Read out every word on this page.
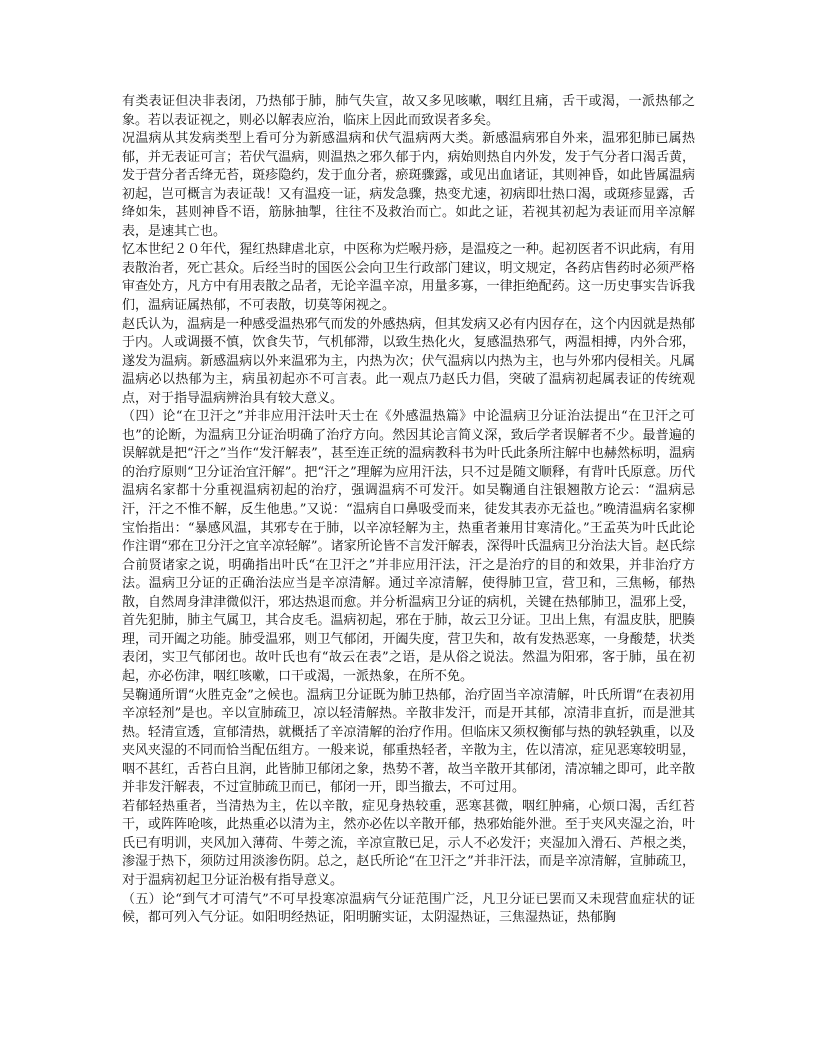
有类表证但决非表闭，乃热郁于肺，肺气失宣，故又多见咳嗽，咽红且痛，舌干或渴，一派热郁之象。若以表证视之，则必以解表应治，临床上因此而致误者多矣。

况温病从其发病类型上看可分为新感温病和伏气温病两大类。新感温病邪自外来，温邪犯肺已属热郁，并无表证可言；若伏气温病，则温热之邪久郁于内，病始则热自内外发，发于气分者口渴舌黄，发于营分者舌绛无苔，斑疹隐约，发于血分者，瘀斑骤露，或见出血诸证，其则神昏，如此皆属温病初起，岂可概言为表证哉！又有温疫一证，病发急骤，热变尤速，初病即壮热口渴，或斑疹显露，舌绛如朱，甚则神昏不语，筋脉抽掣，往往不及救治而亡。如此之证，若视其初起为表证而用辛凉解表，是速其亡也。

忆本世纪２０年代，猩红热肆虐北京，中医称为烂喉丹痧，是温疫之一种。起初医者不识此病，有用表散治者，死亡甚众。后经当时的国医公会向卫生行政部门建议，明文规定，各药店售药时必须严格审查处方，凡方中有用表散之品者，无论辛温辛凉，用量多寡，一律拒绝配药。这一历史事实告诉我们，温病证属热郁，不可表散，切莫等闲视之。

赵氏认为，温病是一种感受温热邪气而发的外感热病，但其发病又必有内因存在，这个内因就是热郁于内。人或调摄不慎，饮食失节，气机郁滞，以致生热化火，复感温热邪气，两温相搏，内外合邪，遂发为温病。新感温病以外来温邪为主，内热为次；伏气温病以内热为主，也与外邪内侵相关。凡属温病必以热郁为主，病虽初起亦不可言表。此一观点乃赵氏力倡，突破了温病初起属表证的传统观点，对于指导温病辨治具有较大意义。

（四）论“在卫汗之”并非应用汗法叶天士在《外感温热篇》中论温病卫分证治法提出“在卫汗之可也”的论断，为温病卫分证治明确了治疗方向。然因其论言简义深，致后学者误解者不少。最普遍的误解就是把“汗之”当作“发汗解表”，甚至连正统的温病教科书为叶氏此条所注解中也赫然标明，温病的治疗原则“卫分证治宜汗解”。把“汗之”理解为应用汗法，只不过是随文顺释，有背叶氏原意。历代温病名家都十分重视温病初起的治疗，强调温病不可发汗。如吴鞠通自注银翘散方论云：“温病忌汗，汗之不惟不解，反生他患。”又说：“温病自口鼻吸受而来，徒发其表亦无益也。”晚清温病名家柳宝怡指出：“暴感风温，其邪专在于肺，以辛凉轻解为主，热重者兼用甘寒清化。”王孟英为叶氏此论作注谓“邪在卫分汗之宜辛凉轻解”。诸家所论皆不言发汗解表，深得叶氏温病卫分治法大旨。赵氏综合前贤诸家之说，明确指出叶氏“在卫汗之”并非应用汗法，汗之是治疗的目的和效果，并非治疗方法。温病卫分证的正确治法应当是辛凉清解。通过辛凉清解，使得肺卫宣，营卫和，三焦畅，郁热散，自然周身津津微似汗，邪达热退而愈。并分析温病卫分证的病机，关键在热郁肺卫，温邪上受，首先犯肺，肺主气属卫，其合皮毛。温病初起，邪在于肺，故云卫分证。卫出上焦，有温皮肤，肥腠理，司开阖之功能。肺受温邪，则卫气郁闭，开阖失度，营卫失和，故有发热恶寒，一身酸楚，状类表闭，实卫气郁闭也。故叶氏也有“故云在表”之语，是从俗之说法。然温为阳邪，客于肺，虽在初起，亦必伤津，咽红咳嗽，口干或渴，一派热象，在所不免。

吴鞠通所谓“火胜克金”之候也。温病卫分证既为肺卫热郁，治疗固当辛凉清解，叶氏所谓“在表初用辛凉轻剂”是也。辛以宣肺疏卫，凉以轻清解热。辛散非发汗，而是开其郁，凉清非直折，而是泄其热。轻清宣透，宣郁清热，就概括了辛凉清解的治疗作用。但临床又须权衡郁与热的孰轻孰重，以及夹风夹湿的不同而恰当配伍组方。一般来说，郁重热轻者，辛散为主，佐以清凉，症见恶寒较明显，咽不甚红，舌苔白且润，此皆肺卫郁闭之象，热势不著，故当辛散开其郁闭，清凉辅之即可，此辛散并非发汗解表，不过宣肺疏卫而已，郁闭一开，即当撤去，不可过用。

若郁轻热重者，当清热为主，佐以辛散，症见身热较重，恶寒甚微，咽红肿痛，心烦口渴，舌红苔干，或阵阵呛咳，此热重必以清为主，然亦必佐以辛散开郁，热邪始能外泄。至于夹风夹湿之治，叶氏已有明训，夹风加入薄荷、牛蒡之流，辛凉宣散已足，示人不必发汗；夹湿加入滑石、芦根之类，渗湿于热下，须防过用淡渗伤阴。总之，赵氏所论“在卫汗之”并非汗法，而是辛凉清解，宣肺疏卫，对于温病初起卫分证治极有指导意义。

（五）论“到气才可清气”不可早投寒凉温病气分证范围广泛，凡卫分证已罢而又未现营血症状的证候，都可列入气分证。如阳明经热证，阳明腑实证，太阴湿热证，三焦湿热证，热郁胸
